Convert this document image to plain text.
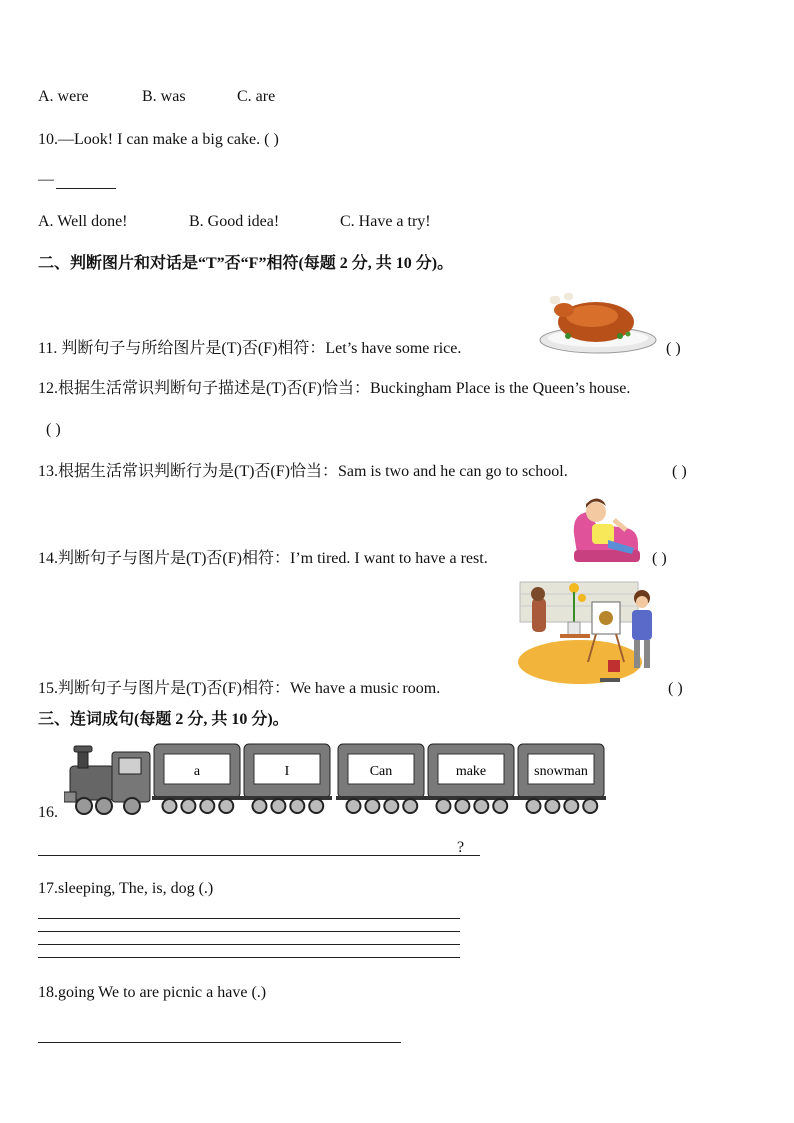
A. were	B. was	C. are
10.—Look! I can make a big cake. ( )
—
A. Well done!	B. Good idea!	C. Have a try!
二、判断图片和对话是“T”否“F”相符(每题 2 分, 共 10 分)。
11. 判断句子与所给图片是(T)否(F)相符：Let’s have some rice.	( )
12.根据生活常识判断句子描述是(T)否(F)恰当：Buckingham Place is the Queen’s house.
( )
13.根据生活常识判断行为是(T)否(F)恰当：Sam is two and he can go to school.	( )
14.判断句子与图片是(T)否(F)相符：I’m tired. I want to have a rest.	( )
15.判断句子与图片是(T)否(F)相符：We have a music room.	( )
三、连词成句(每题 2 分, 共 10 分)。
16.
a	I	Can	make	snowman
?
17.sleeping, The, is, dog (.)
18.going We to are picnic a have (.)
